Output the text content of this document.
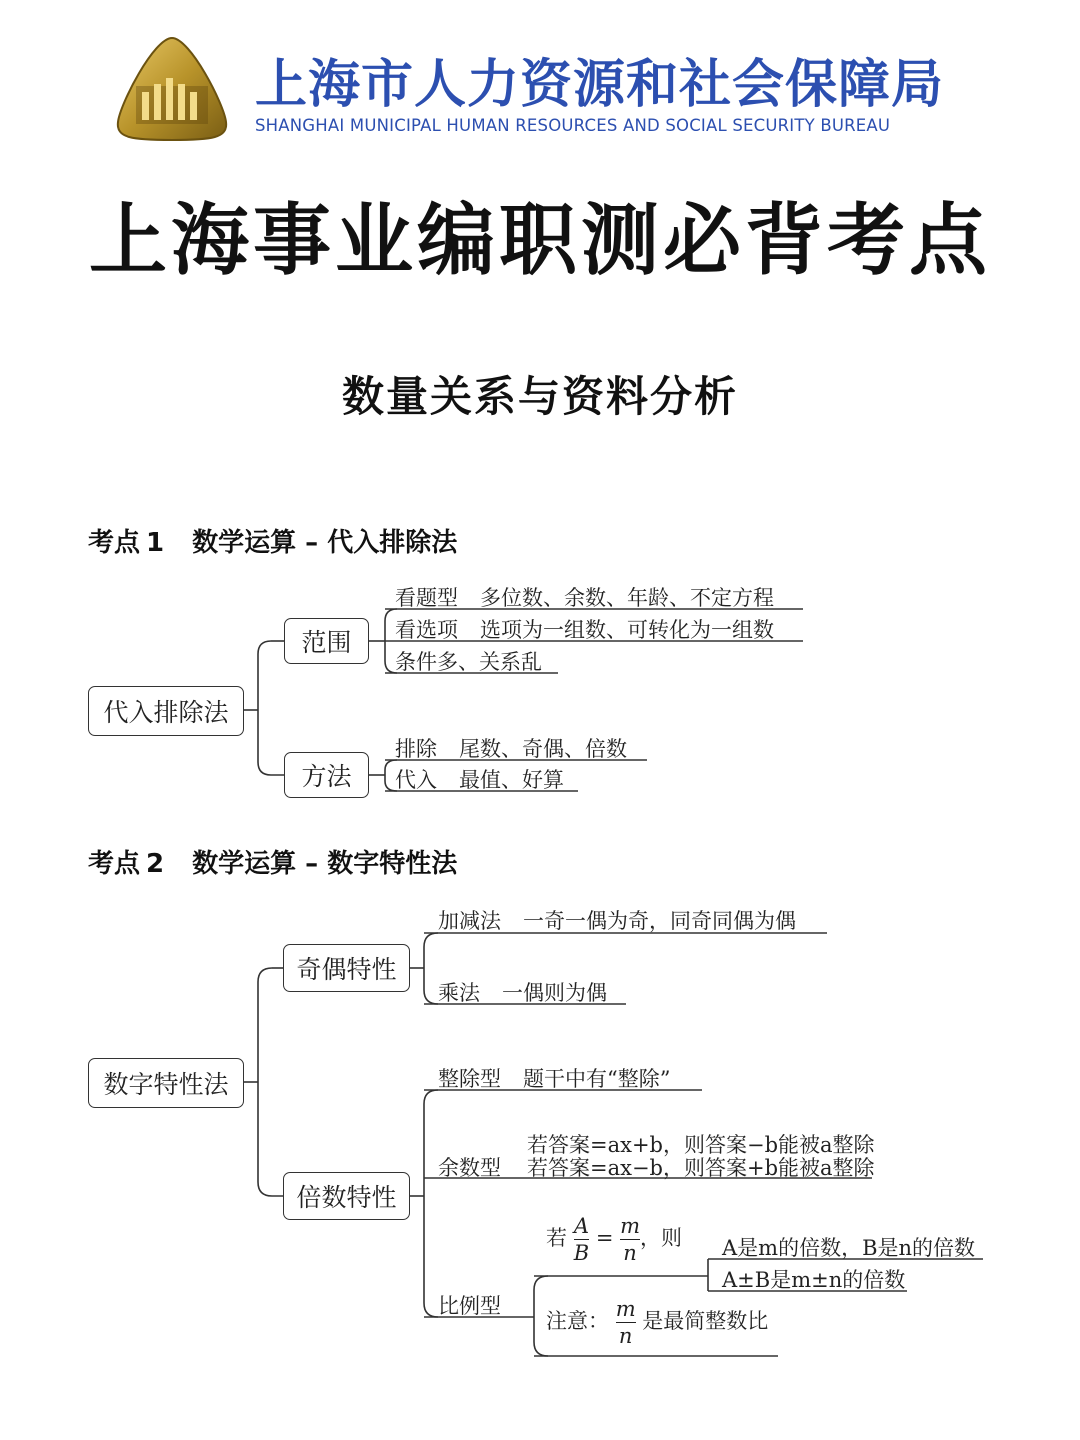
上海市人力资源和社会保障局
SHANGHAI MUNICIPAL HUMAN RESOURCES AND SOCIAL SECURITY BUREAU
上海事业编职测必背考点
数量关系与资料分析
考点 1 数学运算 – 代入排除法
代入排除法
范围
方法
看题型 多位数、余数、年龄、不定方程
看选项 选项为一组数、可转化为一组数
条件多、关系乱
排除 尾数、奇偶、倍数
代入 最值、好算
考点 2 数学运算 – 数字特性法
数字特性法
奇偶特性
倍数特性
加减法 一奇一偶为奇，同奇同偶为偶
乘法 一偶则为偶
整除型 题干中有“整除”
余数型
若答案=ax+b，则答案−b能被a整除
若答案=ax−b，则答案+b能被a整除
比例型
若 $\frac{A}{B} = \frac{m}{n}$，则 A是m的倍数，B是n的倍数
A±B是m±n的倍数
注意： $\frac{m}{n}$ 是最简整数比
